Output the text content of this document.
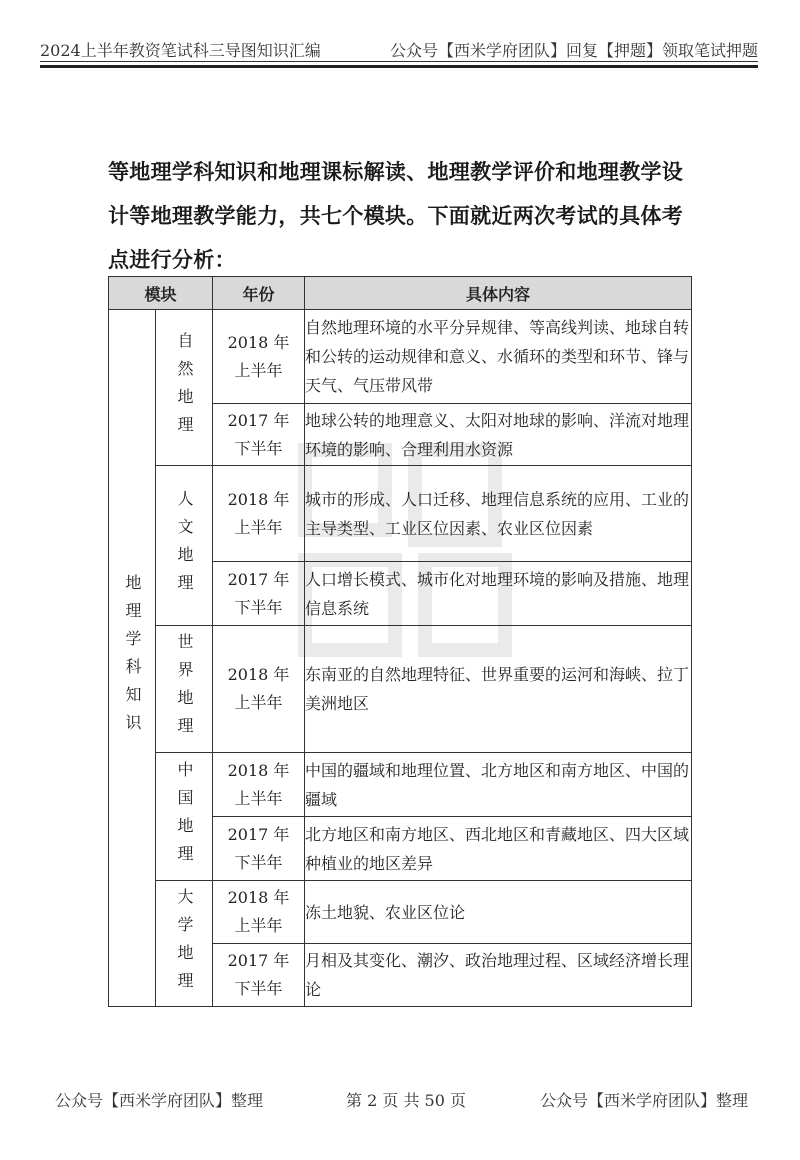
2024上半年教资笔试科三导图知识汇编	公众号【西米学府团队】回复【押题】领取笔试押题
等地理学科知识和地理课标解读、地理教学评价和地理教学设计等地理教学能力，共七个模块。下面就近两次考试的具体考点进行分析：
模块		年份	具体内容

地理学科知识	自然地理	2018 年
上半年	自然地理环境的水平分异规律、等高线判读、地球自转和公转的运动规律和意义、水循环的类型和环节、锋与天气、气压带风带

		2017 年
下半年	地球公转的地理意义、太阳对地球的影响、洋流对地理环境的影响、合理利用水资源

	人文地理	2018 年
上半年	城市的形成、人口迁移、地理信息系统的应用、工业的主导类型、工业区位因素、农业区位因素

		2017 年
下半年	人口增长模式、城市化对地理环境的影响及措施、地理信息系统

	世界地理	2018 年
上半年	东南亚的自然地理特征、世界重要的运河和海峡、拉丁美洲地区

	中国地理	2018 年
上半年	中国的疆域和地理位置、北方地区和南方地区、中国的疆域

		2017 年
下半年	北方地区和南方地区、西北地区和青藏地区、四大区域种植业的地区差异

	大学地理	2018 年
上半年	冻土地貌、农业区位论

		2017 年
下半年	月相及其变化、潮汐、政治地理过程、区域经济增长理论
公众号【西米学府团队】整理	第 2 页 共 50 页	公众号【西米学府团队】整理
